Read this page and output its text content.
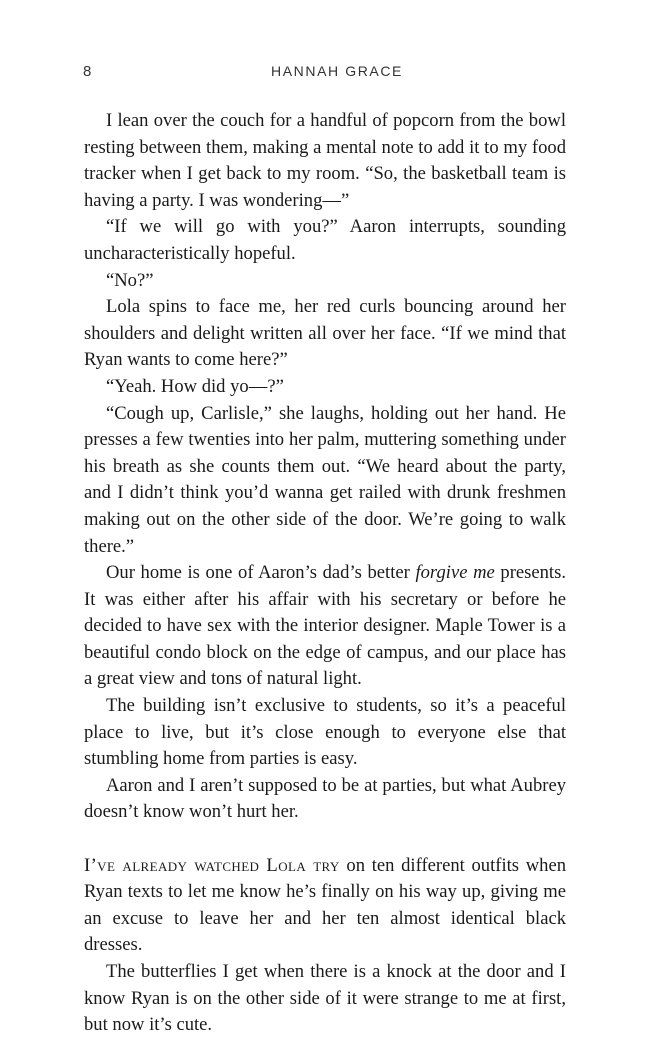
8	HANNAH GRACE

I lean over the couch for a handful of popcorn from the bowl resting between them, making a mental note to add it to my food tracker when I get back to my room. “So, the basketball team is having a party. I was wondering—”

“If we will go with you?” Aaron interrupts, sounding uncharacteristically hopeful.

“No?”

Lola spins to face me, her red curls bouncing around her shoulders and delight written all over her face. “If we mind that Ryan wants to come here?”

“Yeah. How did yo—?”

“Cough up, Carlisle,” she laughs, holding out her hand. He presses a few twenties into her palm, muttering something under his breath as she counts them out. “We heard about the party, and I didn’t think you’d wanna get railed with drunk freshmen making out on the other side of the door. We’re going to walk there.”

Our home is one of Aaron’s dad’s better forgive me presents. It was either after his affair with his secretary or before he decided to have sex with the interior designer. Maple Tower is a beautiful condo block on the edge of campus, and our place has a great view and tons of natural light.

The building isn’t exclusive to students, so it’s a peaceful place to live, but it’s close enough to everyone else that stumbling home from parties is easy.

Aaron and I aren’t supposed to be at parties, but what Aubrey doesn’t know won’t hurt her.

I’ve already watched Lola try on ten different outfits when Ryan texts to let me know he’s finally on his way up, giving me an excuse to leave her and her ten almost identical black dresses.

The butterflies I get when there is a knock at the door and I know Ryan is on the other side of it were strange to me at first, but now it’s cute.
